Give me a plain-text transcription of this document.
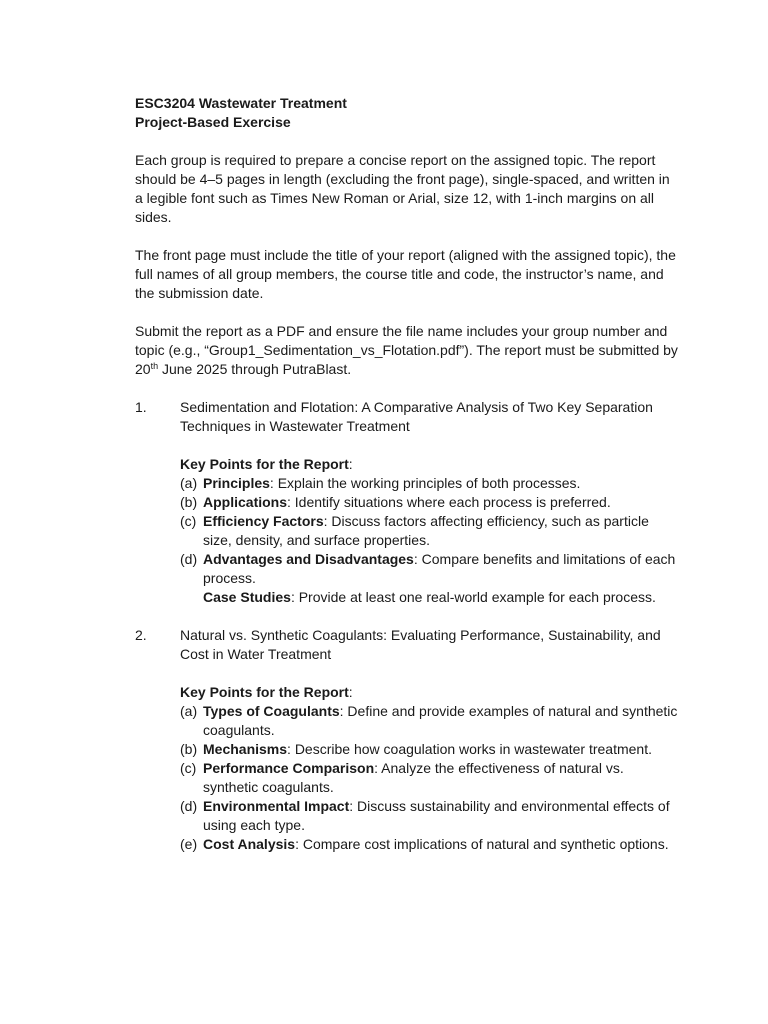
ESC3204 Wastewater Treatment
Project-Based Exercise
Each group is required to prepare a concise report on the assigned topic. The report should be 4–5 pages in length (excluding the front page), single-spaced, and written in a legible font such as Times New Roman or Arial, size 12, with 1-inch margins on all sides.
The front page must include the title of your report (aligned with the assigned topic), the full names of all group members, the course title and code, the instructor’s name, and the submission date.
Submit the report as a PDF and ensure the file name includes your group number and topic (e.g., “Group1_Sedimentation_vs_Flotation.pdf”). The report must be submitted by 20th June 2025 through PutraBlast.
1.	Sedimentation and Flotation: A Comparative Analysis of Two Key Separation Techniques in Wastewater Treatment
Key Points for the Report:
(a) Principles: Explain the working principles of both processes.
(b) Applications: Identify situations where each process is preferred.
(c) Efficiency Factors: Discuss factors affecting efficiency, such as particle size, density, and surface properties.
(d) Advantages and Disadvantages: Compare benefits and limitations of each process.
Case Studies: Provide at least one real-world example for each process.
2.	Natural vs. Synthetic Coagulants: Evaluating Performance, Sustainability, and Cost in Water Treatment
Key Points for the Report:
(a) Types of Coagulants: Define and provide examples of natural and synthetic coagulants.
(b) Mechanisms: Describe how coagulation works in wastewater treatment.
(c) Performance Comparison: Analyze the effectiveness of natural vs. synthetic coagulants.
(d) Environmental Impact: Discuss sustainability and environmental effects of using each type.
(e) Cost Analysis: Compare cost implications of natural and synthetic options.
